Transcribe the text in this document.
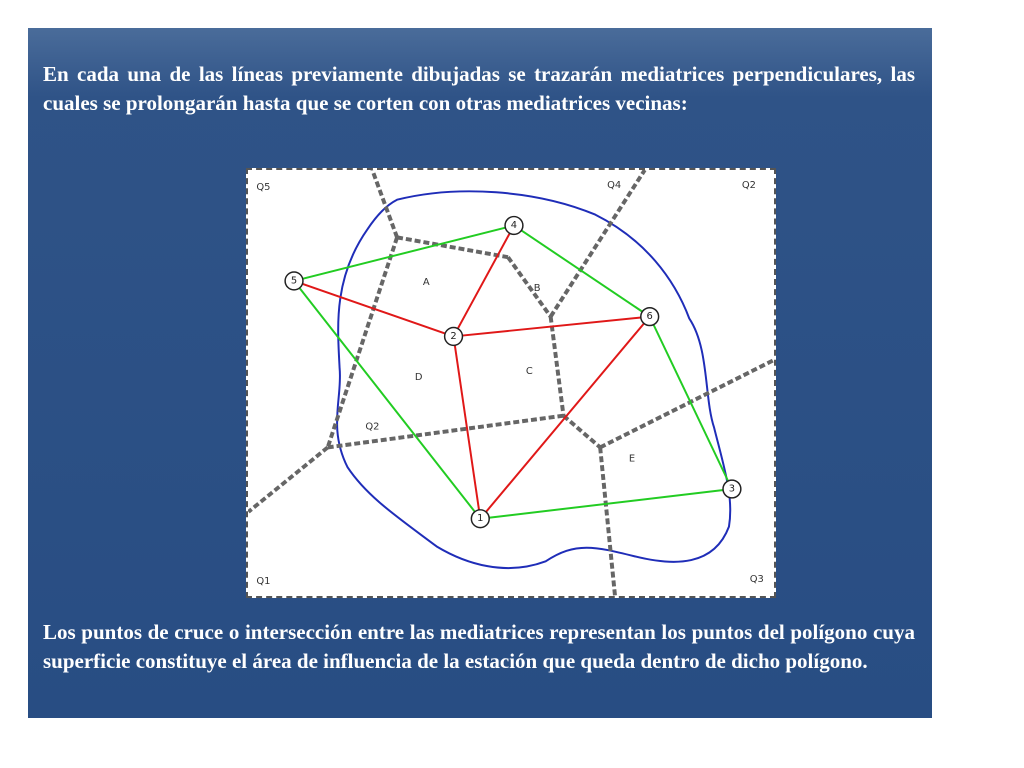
En cada una de las líneas previamente dibujadas se trazarán mediatrices perpendiculares, las cuales se prolongarán hasta que se corten con otras mediatrices vecinas:

4
5
2
6
3
1
A
B
C
D
E
Q5	Q4	Q2
Q1	Q3
Q2

Los puntos de cruce o intersección entre las mediatrices representan los puntos del polígono cuya superficie constituye el área de influencia de la estación que queda dentro de dicho polígono.
